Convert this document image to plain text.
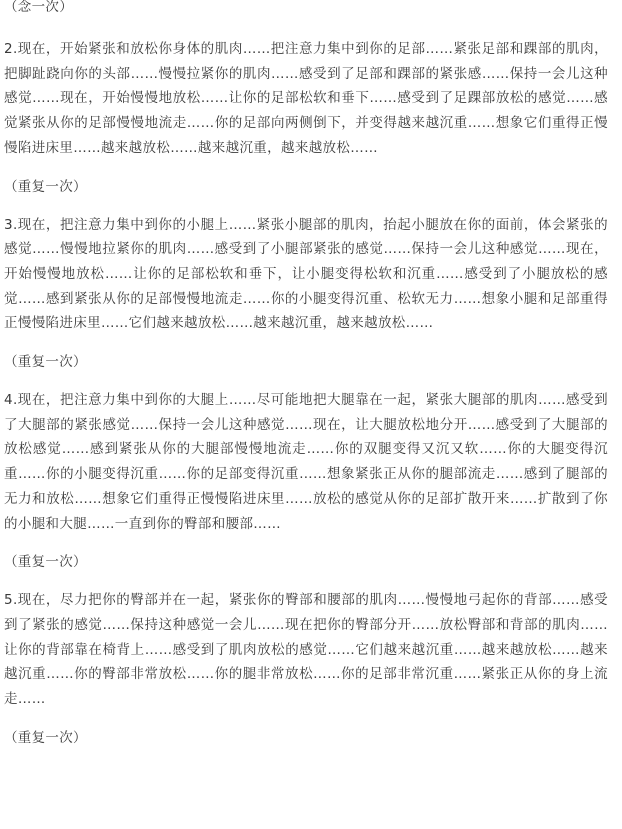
（念一次）

2.现在，开始紧张和放松你身体的肌肉……把注意力集中到你的足部……紧张足部和踝部的肌肉，把脚趾跷向你的头部……慢慢拉紧你的肌肉……感受到了足部和踝部的紧张感……保持一会儿这种感觉……现在，开始慢慢地放松……让你的足部松软和垂下……感受到了足踝部放松的感觉……感觉紧张从你的足部慢慢地流走……你的足部向两侧倒下，并变得越来越沉重……想象它们重得正慢慢陷进床里……越来越放松……越来越沉重，越来越放松……

（重复一次）

3.现在，把注意力集中到你的小腿上……紧张小腿部的肌肉，抬起小腿放在你的面前，体会紧张的感觉……慢慢地拉紧你的肌肉……感受到了小腿部紧张的感觉……保持一会儿这种感觉……现在，开始慢慢地放松……让你的足部松软和垂下，让小腿变得松软和沉重……感受到了小腿放松的感觉……感到紧张从你的足部慢慢地流走……你的小腿变得沉重、松软无力……想象小腿和足部重得正慢慢陷进床里……它们越来越放松……越来越沉重，越来越放松……

（重复一次）

4.现在，把注意力集中到你的大腿上……尽可能地把大腿靠在一起，紧张大腿部的肌肉……感受到了大腿部的紧张感觉……保持一会儿这种感觉……现在，让大腿放松地分开……感受到了大腿部的放松感觉……感到紧张从你的大腿部慢慢地流走……你的双腿变得又沉又软……你的大腿变得沉重……你的小腿变得沉重……你的足部变得沉重……想象紧张正从你的腿部流走……感到了腿部的无力和放松……想象它们重得正慢慢陷进床里……放松的感觉从你的足部扩散开来……扩散到了你的小腿和大腿……一直到你的臀部和腰部……

（重复一次）

5.现在，尽力把你的臀部并在一起，紧张你的臀部和腰部的肌肉……慢慢地弓起你的背部……感受到了紧张的感觉……保持这种感觉一会儿……现在把你的臀部分开……放松臀部和背部的肌肉……让你的背部靠在椅背上……感受到了肌肉放松的感觉……它们越来越沉重……越来越放松……越来越沉重……你的臀部非常放松……你的腿非常放松……你的足部非常沉重……紧张正从你的身上流走……

（重复一次）
